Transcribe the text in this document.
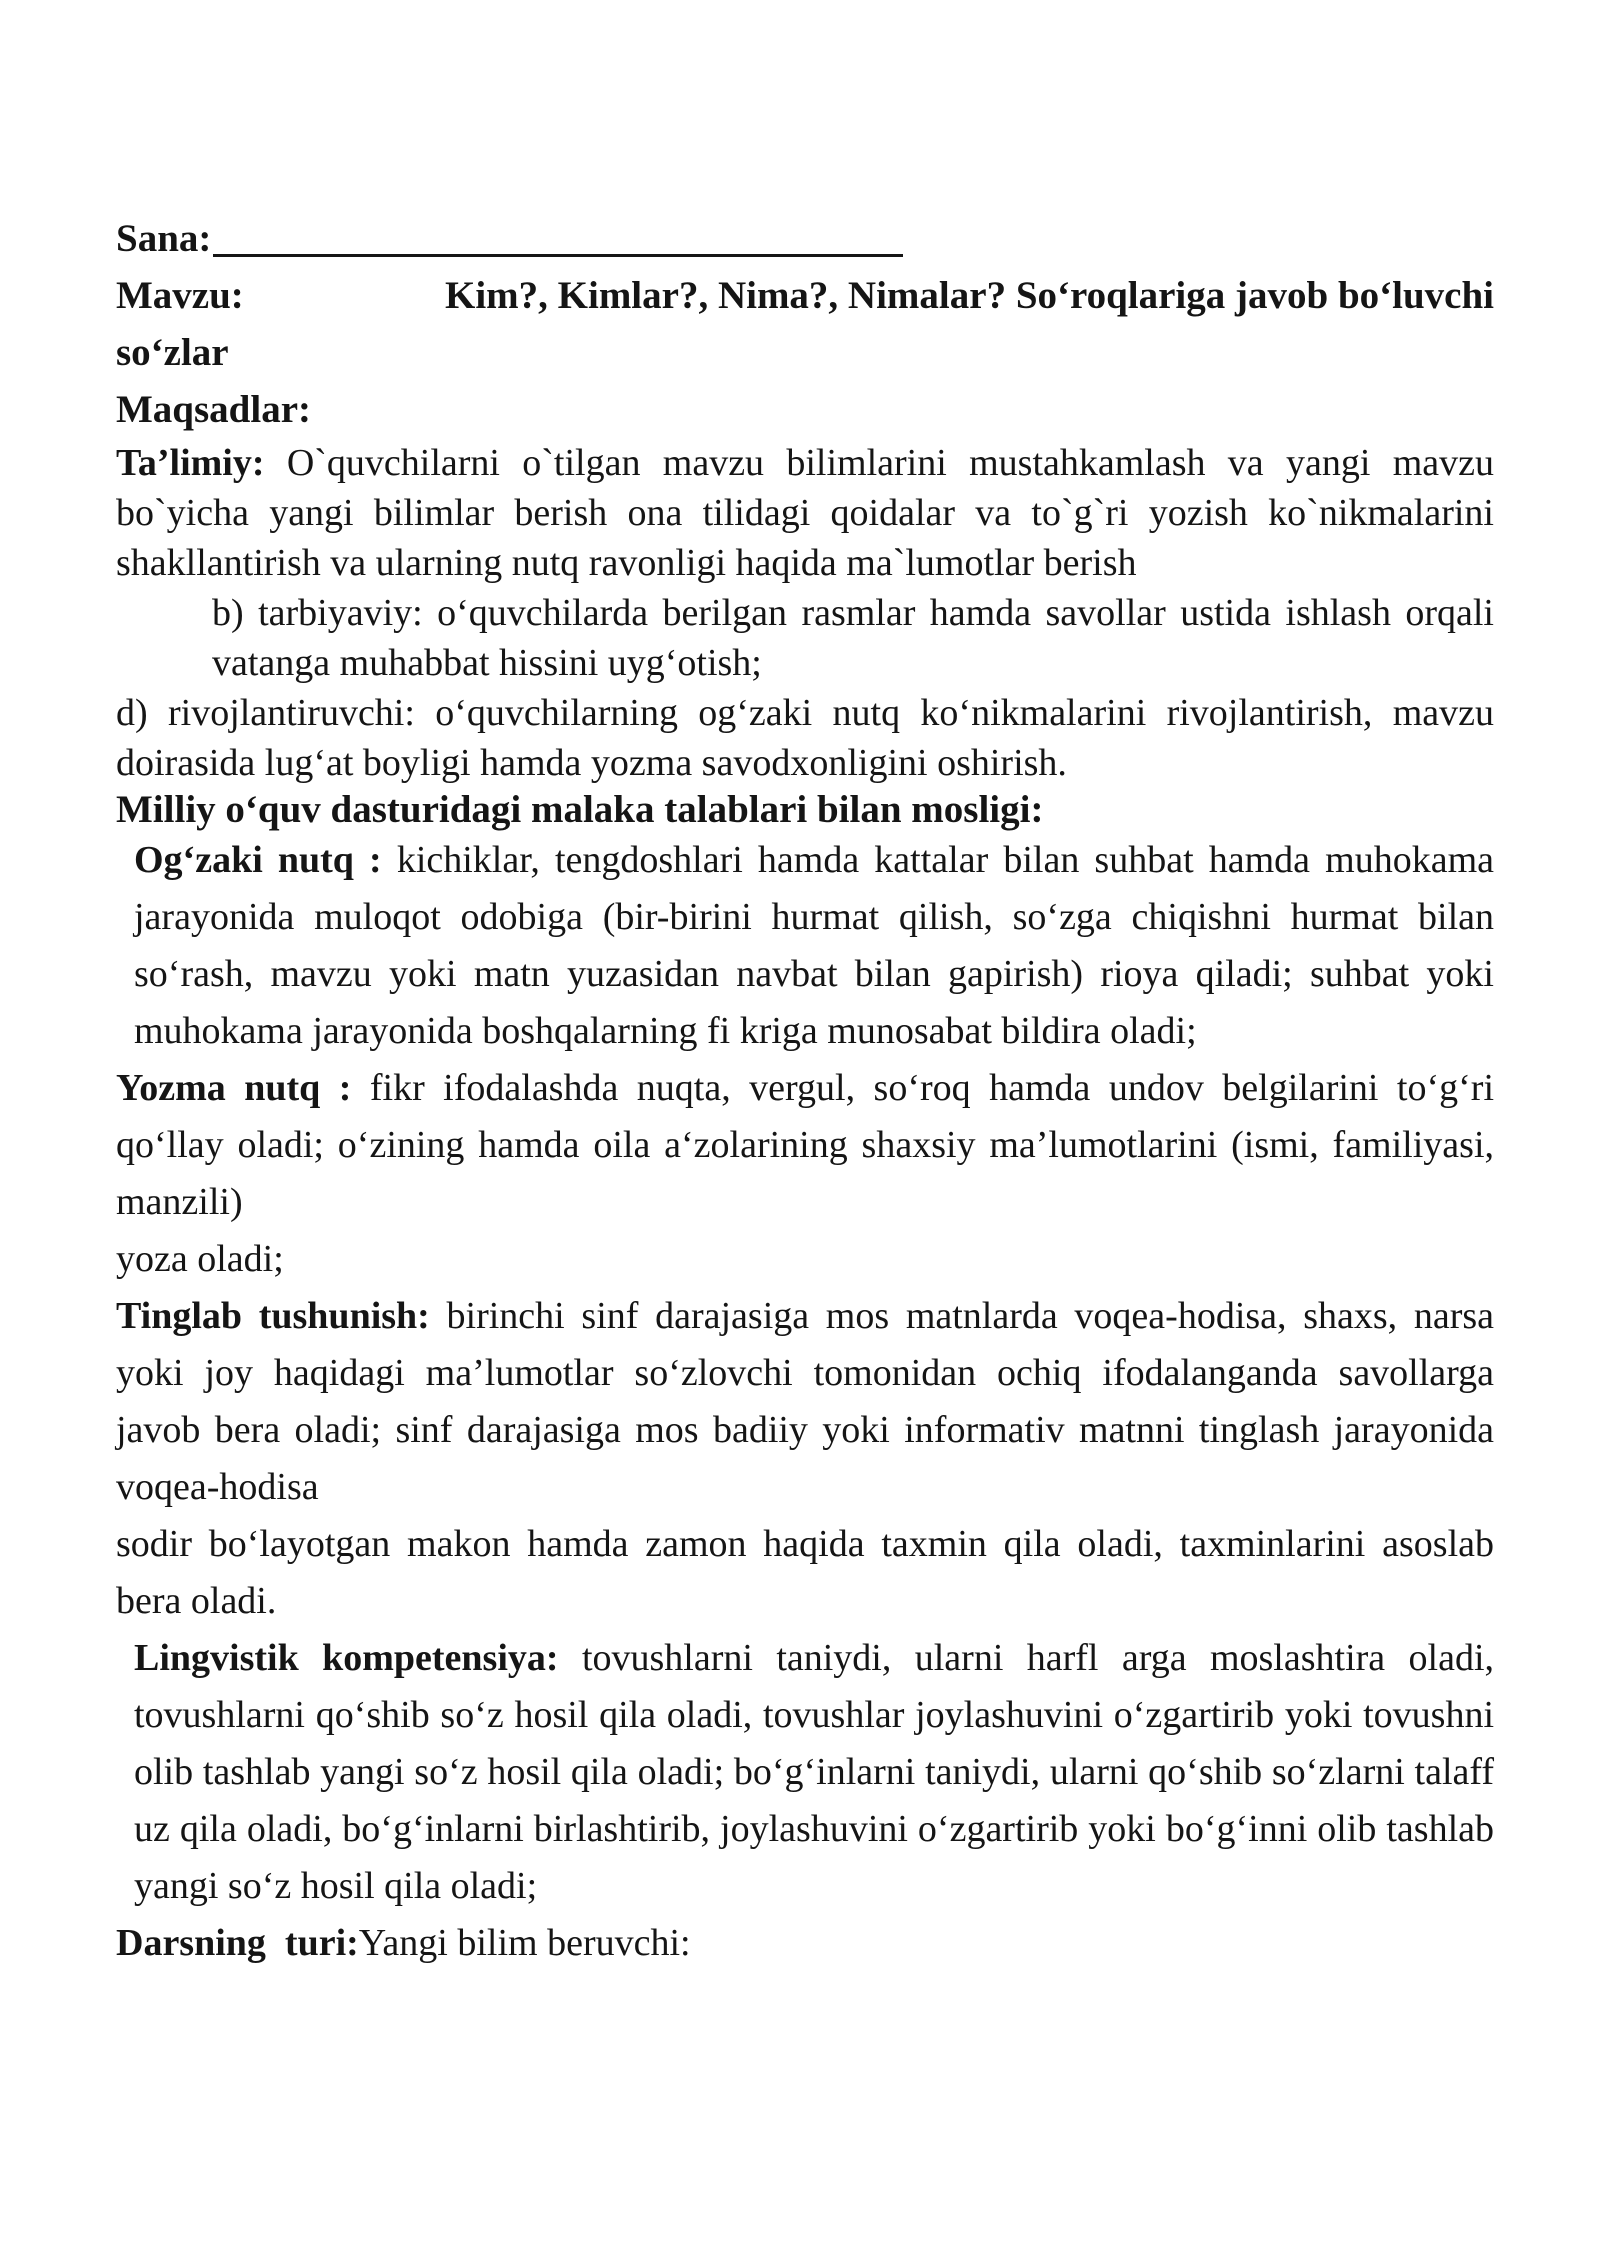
Sana:

Mavzu:	Kim?, Kimlar?, Nima?, Nimalar? So‘roqlariga javob bo‘luvchi

so‘zlar

Maqsadlar:

Ta’limiy: O`quvchilarni o`tilgan mavzu bilimlarini mustahkamlash va yangi mavzu bo`yicha yangi bilimlar berish ona tilidagi qoidalar va to`g`ri yozish ko`nikmalarini shakllantirish va ularning nutq ravonligi haqida ma`lumotlar berish

b) tarbiyaviy: o‘quvchilarda berilgan rasmlar hamda savollar ustida ishlash orqali vatanga muhabbat hissini uyg‘otish;

d) rivojlantiruvchi: o‘quvchilarning og‘zaki nutq ko‘nikmalarini rivojlantirish, mavzu doirasida lug‘at boyligi hamda yozma savodxonligini oshirish.

Milliy o‘quv dasturidagi malaka talablari bilan mosligi:

Og‘zaki nutq : kichiklar, tengdoshlari hamda kattalar bilan suhbat hamda muhokama jarayonida muloqot odobiga (bir-birini hurmat qilish, so‘zga chiqishni hurmat bilan so‘rash, mavzu yoki matn yuzasidan navbat bilan gapirish) rioya qiladi; suhbat yoki muhokama jarayonida boshqalarning fi kriga munosabat bildira oladi;

Yozma nutq : fikr ifodalashda nuqta, vergul, so‘roq hamda undov belgilarini to‘g‘ri qo‘llay oladi; o‘zining hamda oila a‘zolarining shaxsiy ma’lumotlarini (ismi, familiyasi, manzili)

yoza oladi;

Tinglab tushunish: birinchi sinf darajasiga mos matnlarda voqea-hodisa, shaxs, narsa yoki joy haqidagi ma’lumotlar so‘zlovchi tomonidan ochiq ifodalanganda savollarga javob bera oladi; sinf darajasiga mos badiiy yoki informativ matnni tinglash jarayonida voqea-hodisa

sodir bo‘layotgan makon hamda zamon haqida taxmin qila oladi, taxminlarini asoslab bera oladi.

Lingvistik kompetensiya: tovushlarni taniydi, ularni harfl arga moslashtira oladi, tovushlarni qo‘shib so‘z hosil qila oladi, tovushlar joylashuvini o‘zgartirib yoki tovushni olib tashlab yangi so‘z hosil qila oladi; bo‘g‘inlarni taniydi, ularni qo‘shib so‘zlarni talaff uz qila oladi, bo‘g‘inlarni birlashtirib, joylashuvini o‘zgartirib yoki bo‘g‘inni olib tashlab yangi so‘z hosil qila oladi;

Darsning  turi:Yangi bilim beruvchi:
